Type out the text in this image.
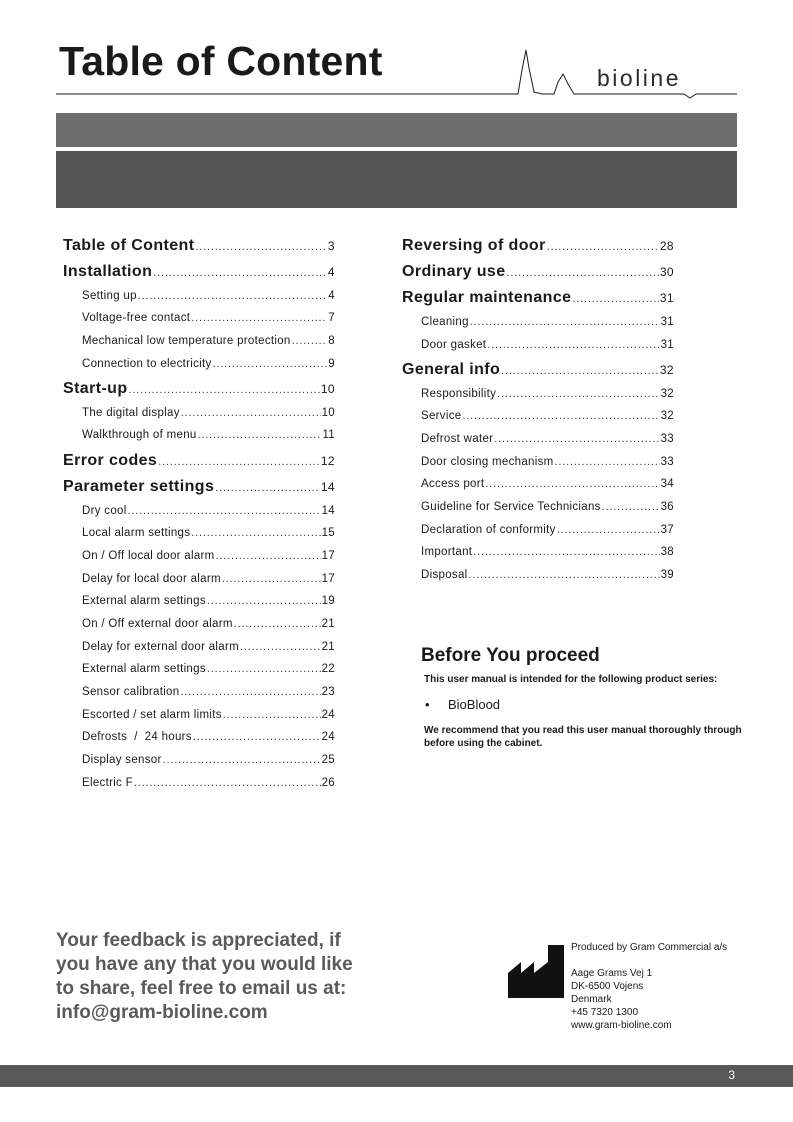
Table of Content	bioline
Table of Content .....	3
Installation .....	4
Setting up .....	4
Voltage-free contact .....	7
Mechanical low temperature protection .....	8
Connection to electricity .....	9
Start-up .....	10
The digital display .....	10
Walkthrough of menu .....	11
Error codes .....	12
Parameter settings .....	14
Dry cool .....	14
Local alarm settings .....	15
On / Off local door alarm .....	17
Delay for local door alarm .....	17
External alarm settings .....	19
On / Off external door alarm .....	21
Delay for external door alarm .....	21
External alarm settings .....	22
Sensor calibration .....	23
Escorted / set alarm limits .....	24
Defrosts  /  24 hours .....	24
Display sensor .....	25
Electric F .....	26
Reversing of door .....	28
Ordinary use .....	30
Regular maintenance .....	31
Cleaning .....	31
Door gasket .....	31
General info .....	32
Responsibility .....	32
Service .....	32
Defrost water .....	33
Door closing mechanism .....	33
Access port .....	34
Guideline for Service Technicians .....	36
Declaration of conformity .....	37
Important .....	38
Disposal .....	39
Before You proceed
This user manual is intended for the following product series:
• BioBlood
We recommend that you read this user manual thoroughly through before using the cabinet.
Your feedback is appreciated, if
you have any that you would like
to share, feel free to email us at:
info@gram-bioline.com
Produced by Gram Commercial a/s
Aage Grams Vej 1
DK-6500 Vojens
Denmark
+45 7320 1300
www.gram-bioline.com
3
